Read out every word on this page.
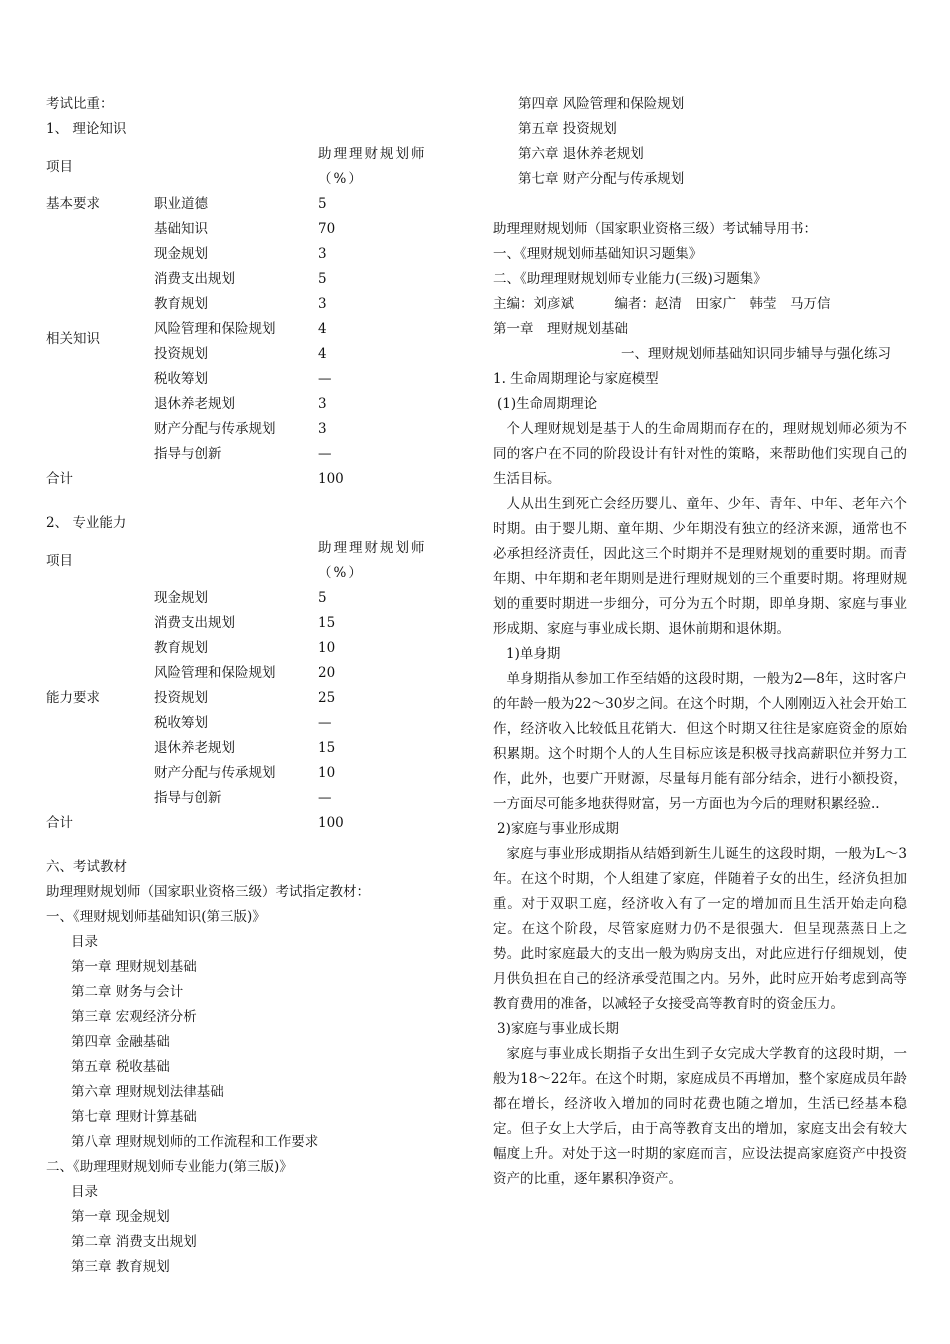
考试比重：
1、 理论知识
项目		助理理财规划师
（%）

基本要求	职业道德	5
	基础知识	70

相关知识	现金规划	3
	消费支出规划	5
	教育规划	3
	风险管理和保险规划	4
	投资规划	4
	税收筹划	—
	退休养老规划	3
	财产分配与传承规划	3
	指导与创新	—
合计		100
2、 专业能力
项目		助理理财规划师
（%）

能力要求	现金规划	5
	消费支出规划	15
	教育规划	10
	风险管理和保险规划	20
	投资规划	25
	税收筹划	—
	退休养老规划	15
	财产分配与传承规划	10
	指导与创新	—
合计		100
六、考试教材
助理理财规划师（国家职业资格三级）考试指定教材：
一、《理财规划师基础知识(第三版)》
目录
第一章 理财规划基础
第二章 财务与会计
第三章 宏观经济分析
第四章 金融基础
第五章 税收基础
第六章 理财规划法律基础
第七章 理财计算基础
第八章 理财规划师的工作流程和工作要求
二、《助理理财规划师专业能力(第三版)》
目录
第一章 现金规划
第二章 消费支出规划
第三章 教育规划
第四章 风险管理和保险规划
第五章 投资规划
第六章 退休养老规划
第七章 财产分配与传承规划
助理理财规划师（国家职业资格三级）考试辅导用书：
一、《理财规划师基础知识习题集》
二、《助理理财规划师专业能力(三级)习题集》
主编：刘彦斌　　　编者：赵清　田家广　韩莹　马万信
第一章　理财规划基础

一、理财规划师基础知识同步辅导与强化练习

1. 生命周期理论与家庭模型
(1)生命周期理论

个人理财规划是基于人的生命周期而存在的，理财规划师必须为不同的客户在不同的阶段设计有针对性的策略，来帮助他们实现自己的生活目标。

人从出生到死亡会经历婴儿、童年、少年、青年、中年、老年六个时期。由于婴儿期、童年期、少年期没有独立的经济来源，通常也不必承担经济责任，因此这三个时期并不是理财规划的重要时期。而青年期、中年期和老年期则是进行理财规划的三个重要时期。将理财规划的重要时期进一步细分，可分为五个时期，即单身期、家庭与事业形成期、家庭与事业成长期、退休前期和退休期。

1)单身期

单身期指从参加工作至结婚的这段时期，一般为2—8年，这时客户的年龄一般为22～30岁之间。在这个时期，个人刚刚迈入社会开始工作，经济收入比较低且花销大．但这个时期又往往是家庭资金的原始积累期。这个时期个人的人生目标应该是积极寻找高薪职位并努力工作，此外，也要广开财源，尽量每月能有部分结余，进行小额投资，一方面尽可能多地获得财富，另一方面也为今后的理财积累经验..

2)家庭与事业形成期

家庭与事业形成期指从结婚到新生儿诞生的这段时期，一般为L～3年。在这个时期，个人组建了家庭，伴随着子女的出生，经济负担加重。对于双职工庭，经济收入有了一定的增加而且生活开始走向稳定。在这个阶段，尽管家庭财力仍不是很强大．但呈现蒸蒸日上之势。此时家庭最大的支出一般为购房支出，对此应进行仔细规划，使月供负担在自己的经济承受范围之内。另外，此时应开始考虑到高等教育费用的准备，以减轻子女接受高等教育时的资金压力。

3)家庭与事业成长期

家庭与事业成长期指子女出生到子女完成大学教育的这段时期，一般为18～22年。在这个时期，家庭成员不再增加，整个家庭成员年龄都在增长，经济收入增加的同时花费也随之增加，生活已经基本稳定。但子女上大学后，由于高等教育支出的增加，家庭支出会有较大幅度上升。对处于这一时期的家庭而言，应设法提高家庭资产中投资资产的比重，逐年累积净资产。
